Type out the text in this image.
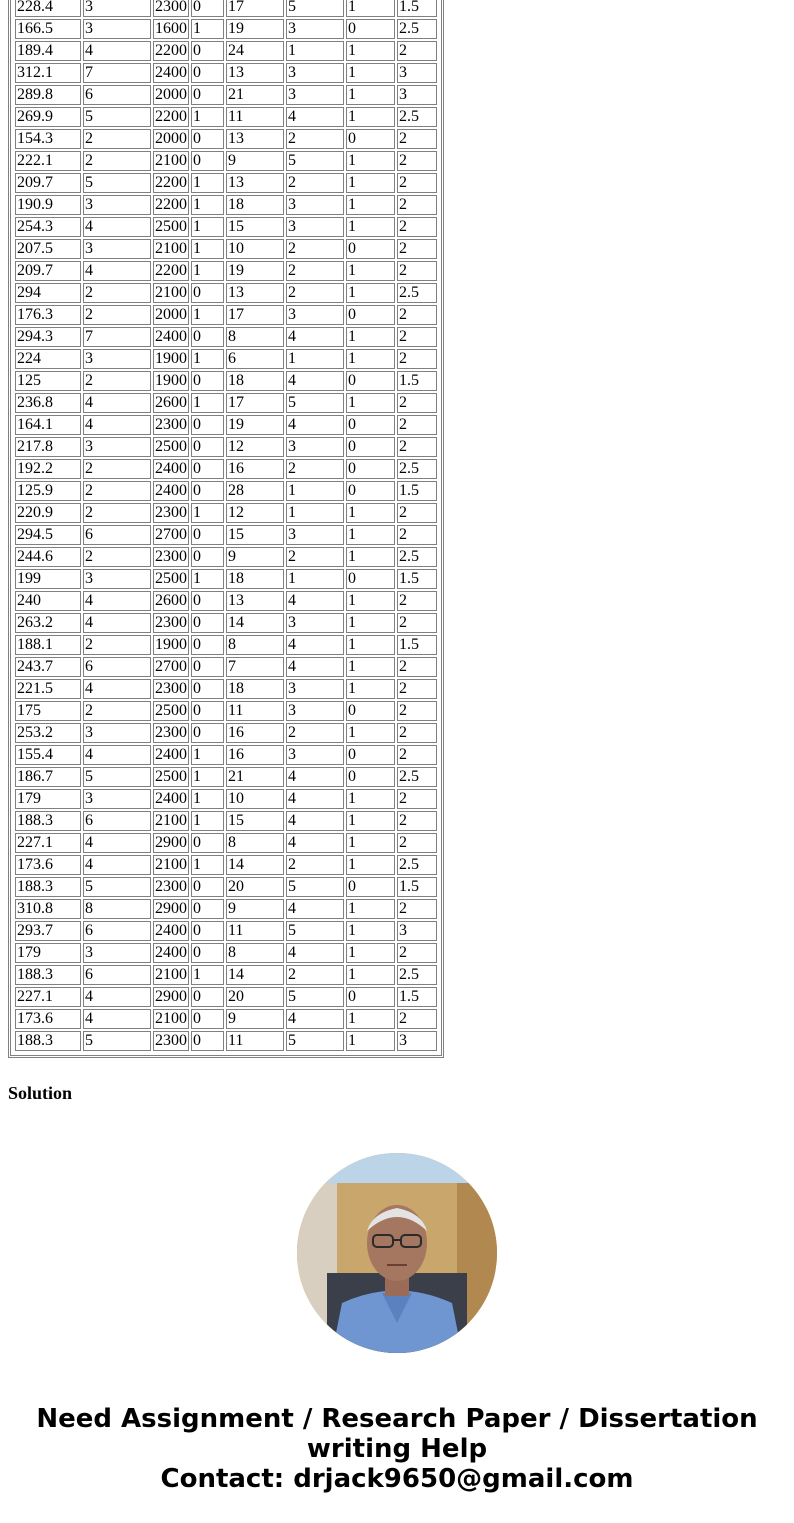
228.4	3	2300	0	17	5	1	1.5
166.5	3	1600	1	19	3	0	2.5
189.4	4	2200	0	24	1	1	2
312.1	7	2400	0	13	3	1	3
289.8	6	2000	0	21	3	1	3
269.9	5	2200	1	11	4	1	2.5
154.3	2	2000	0	13	2	0	2
222.1	2	2100	0	9	5	1	2
209.7	5	2200	1	13	2	1	2
190.9	3	2200	1	18	3	1	2
254.3	4	2500	1	15	3	1	2
207.5	3	2100	1	10	2	0	2
209.7	4	2200	1	19	2	1	2
294	2	2100	0	13	2	1	2.5
176.3	2	2000	1	17	3	0	2
294.3	7	2400	0	8	4	1	2
224	3	1900	1	6	1	1	2
125	2	1900	0	18	4	0	1.5
236.8	4	2600	1	17	5	1	2
164.1	4	2300	0	19	4	0	2
217.8	3	2500	0	12	3	0	2
192.2	2	2400	0	16	2	0	2.5
125.9	2	2400	0	28	1	0	1.5
220.9	2	2300	1	12	1	1	2
294.5	6	2700	0	15	3	1	2
244.6	2	2300	0	9	2	1	2.5
199	3	2500	1	18	1	0	1.5
240	4	2600	0	13	4	1	2
263.2	4	2300	0	14	3	1	2
188.1	2	1900	0	8	4	1	1.5
243.7	6	2700	0	7	4	1	2
221.5	4	2300	0	18	3	1	2
175	2	2500	0	11	3	0	2
253.2	3	2300	0	16	2	1	2
155.4	4	2400	1	16	3	0	2
186.7	5	2500	1	21	4	0	2.5
179	3	2400	1	10	4	1	2
188.3	6	2100	1	15	4	1	2
227.1	4	2900	0	8	4	1	2
173.6	4	2100	1	14	2	1	2.5
188.3	5	2300	0	20	5	0	1.5
310.8	8	2900	0	9	4	1	2
293.7	6	2400	0	11	5	1	3
179	3	2400	0	8	4	1	2
188.3	6	2100	1	14	2	1	2.5
227.1	4	2900	0	20	5	0	1.5
173.6	4	2100	0	9	4	1	2
188.3	5	2300	0	11	5	1	3
Solution
Need Assignment / Research Paper / Dissertation
writing Help
Contact: drjack9650@gmail.com
